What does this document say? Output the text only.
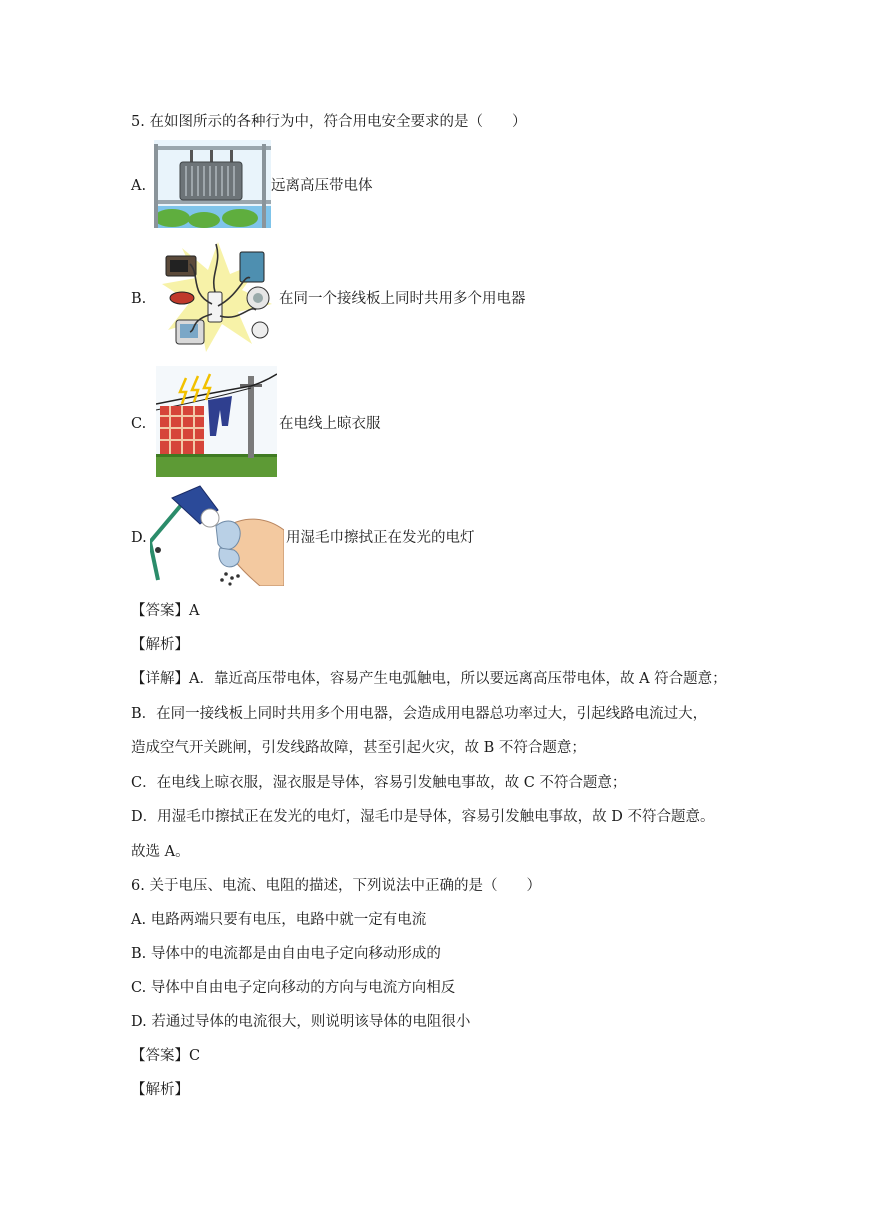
5. 在如图所示的各种行为中，符合用电安全要求的是（　　）
A.	远离高压带电体
B.	在同一个接线板上同时共用多个用电器
C.	在电线上晾衣服
D.	用湿毛巾擦拭正在发光的电灯
【答案】A
【解析】
【详解】A．靠近高压带电体，容易产生电弧触电，所以要远离高压带电体，故 A 符合题意；
B．在同一接线板上同时共用多个用电器，会造成用电器总功率过大，引起线路电流过大，
造成空气开关跳闸，引发线路故障，甚至引起火灾，故 B 不符合题意；
C．在电线上晾衣服，湿衣服是导体，容易引发触电事故，故 C 不符合题意；
D．用湿毛巾擦拭正在发光的电灯，湿毛巾是导体，容易引发触电事故，故 D 不符合题意。
故选 A。
6. 关于电压、电流、电阻的描述，下列说法中正确的是（　　）
A. 电路两端只要有电压，电路中就一定有电流
B. 导体中的电流都是由自由电子定向移动形成的
C. 导体中自由电子定向移动的方向与电流方向相反
D. 若通过导体的电流很大，则说明该导体的电阻很小
【答案】C
【解析】
